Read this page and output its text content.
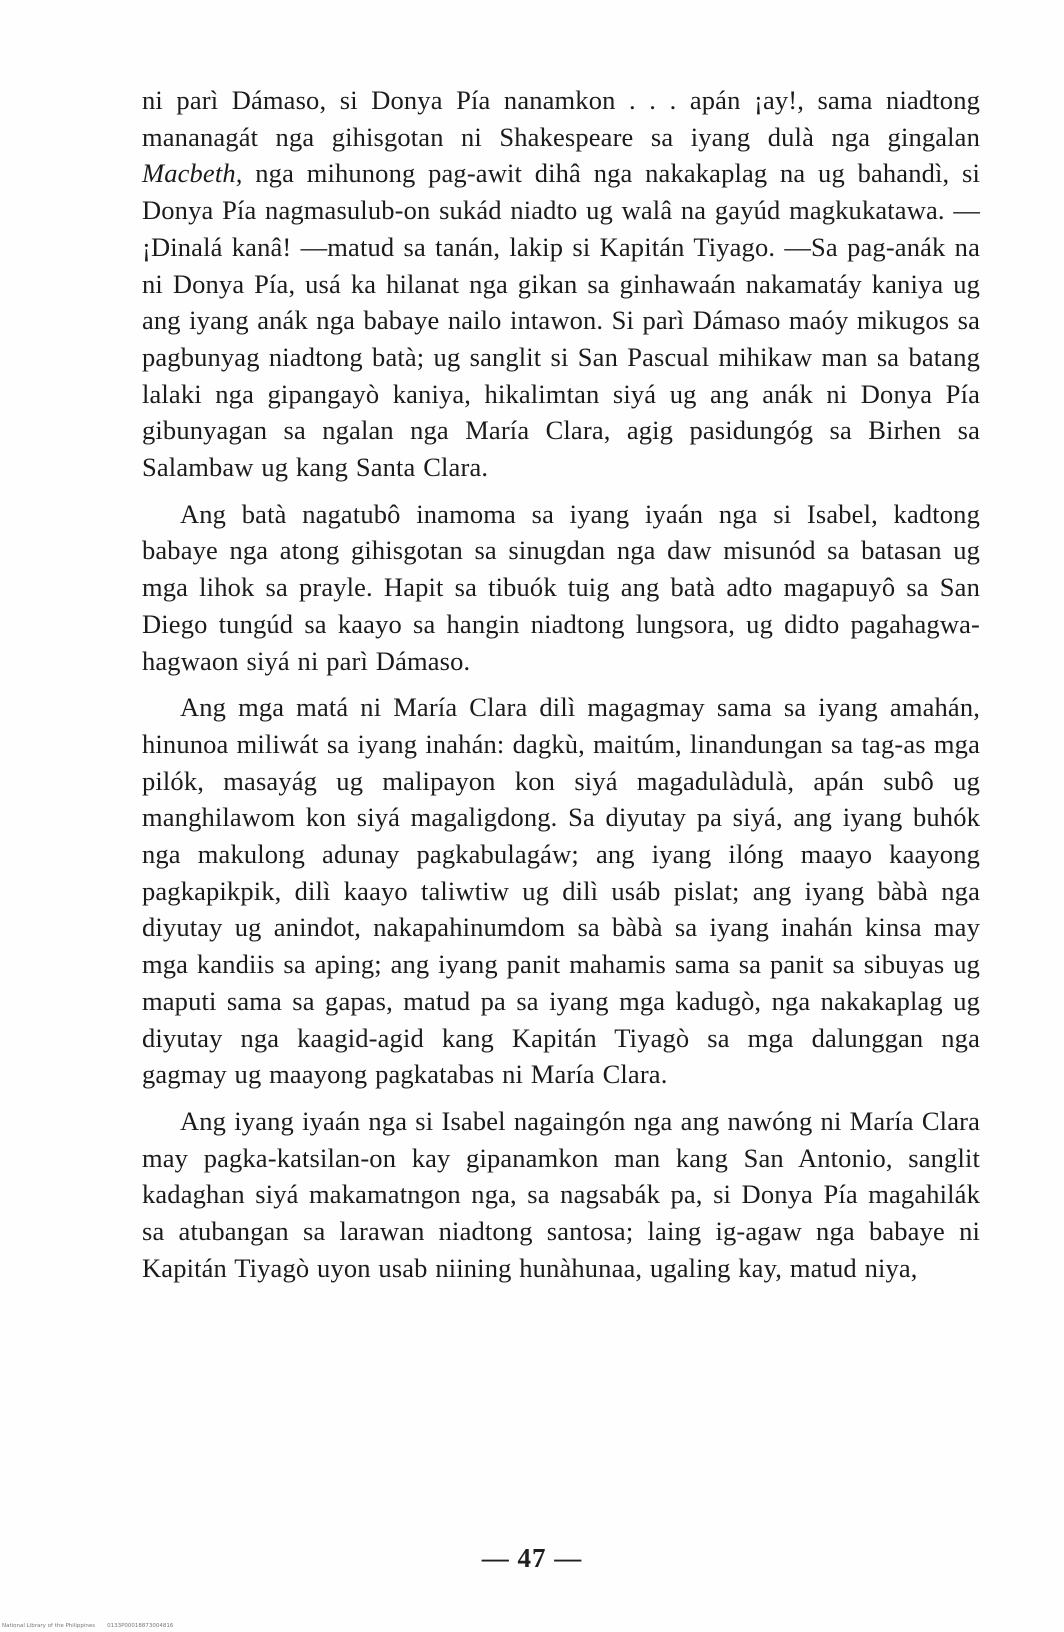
ni parì Dámaso, si Donya Pía nanamkon . . . apán ¡ay!, sama niadtong mananagát nga gihisgotan ni Shakespeare sa iyang dulà nga gingalan Macbeth, nga mihunong pag-awit dihâ nga nakakaplag na ug bahandì, si Donya Pía nagmasulub-on sukád niadto ug walâ na gayúd magkukatawa. — ¡Dinalá kanâ! —matud sa tanán, lakip si Kapitán Tiyago. —Sa pag-anák na ni Donya Pía, usá ka hilanat nga gikan sa ginhawaán nakamatáy kaniya ug ang iyang anák nga babaye nailo intawon. Si parì Dámaso maóy mikugos sa pagbunyag niadtong batà; ug sanglit si San Pascual mihikaw man sa batang lalaki nga gipangayò kaniya, hikalimtan siyá ug ang anák ni Donya Pía gibunyagan sa ngalan nga María Clara, agig pasidungóg sa Birhen sa Salambaw ug kang Santa Clara.

Ang batà nagatubô inamoma sa iyang iyaán nga si Isabel, kadtong babaye nga atong gihisgotan sa sinugdan nga daw misunód sa batasan ug mga lihok sa prayle. Hapit sa tibuók tuig ang batà adto magapuyô sa San Diego tungúd sa kaayo sa hangin niadtong lungsora, ug didto pagahagwa-hagwaon siyá ni parì Dámaso.

Ang mga matá ni María Clara dilì magagmay sama sa iyang amahán, hinunoa miliwát sa iyang inahán: dagkù, maitúm, linandungan sa tag-as mga pilók, masayág ug malipayon kon siyá magadulàdulà, apán subô ug manghilawom kon siyá magaligdong. Sa diyutay pa siyá, ang iyang buhók nga makulong adunay pagkabulagáw; ang iyang ilóng maayo kaayong pagkapikpik, dilì kaayo taliwtiw ug dilì usáb pislat; ang iyang bàbà nga diyutay ug anindot, nakapahinumdom sa bàbà sa iyang inahán kinsa may mga kandiis sa aping; ang iyang panit mahamis sama sa panit sa sibuyas ug maputi sama sa gapas, matud pa sa iyang mga kadugò, nga nakakaplag ug diyutay nga kaagid-agid kang Kapitán Tiyagò sa mga dalunggan nga gagmay ug maayong pagkatabas ni María Clara.

Ang iyang iyaán nga si Isabel nagaingón nga ang nawóng ni María Clara may pagka-katsilan-on kay gipanamkon man kang San Antonio, sanglit kadaghan siyá makamatngon nga, sa nagsabák pa, si Donya Pía magahilák sa atubangan sa larawan niadtong santosa; laing ig-agaw nga babaye ni Kapitán Tiyagò uyon usab niining hunàhunaa, ugaling kay, matud niya,

— 47 —
National Library of the Philippines 0133P00018873004816
